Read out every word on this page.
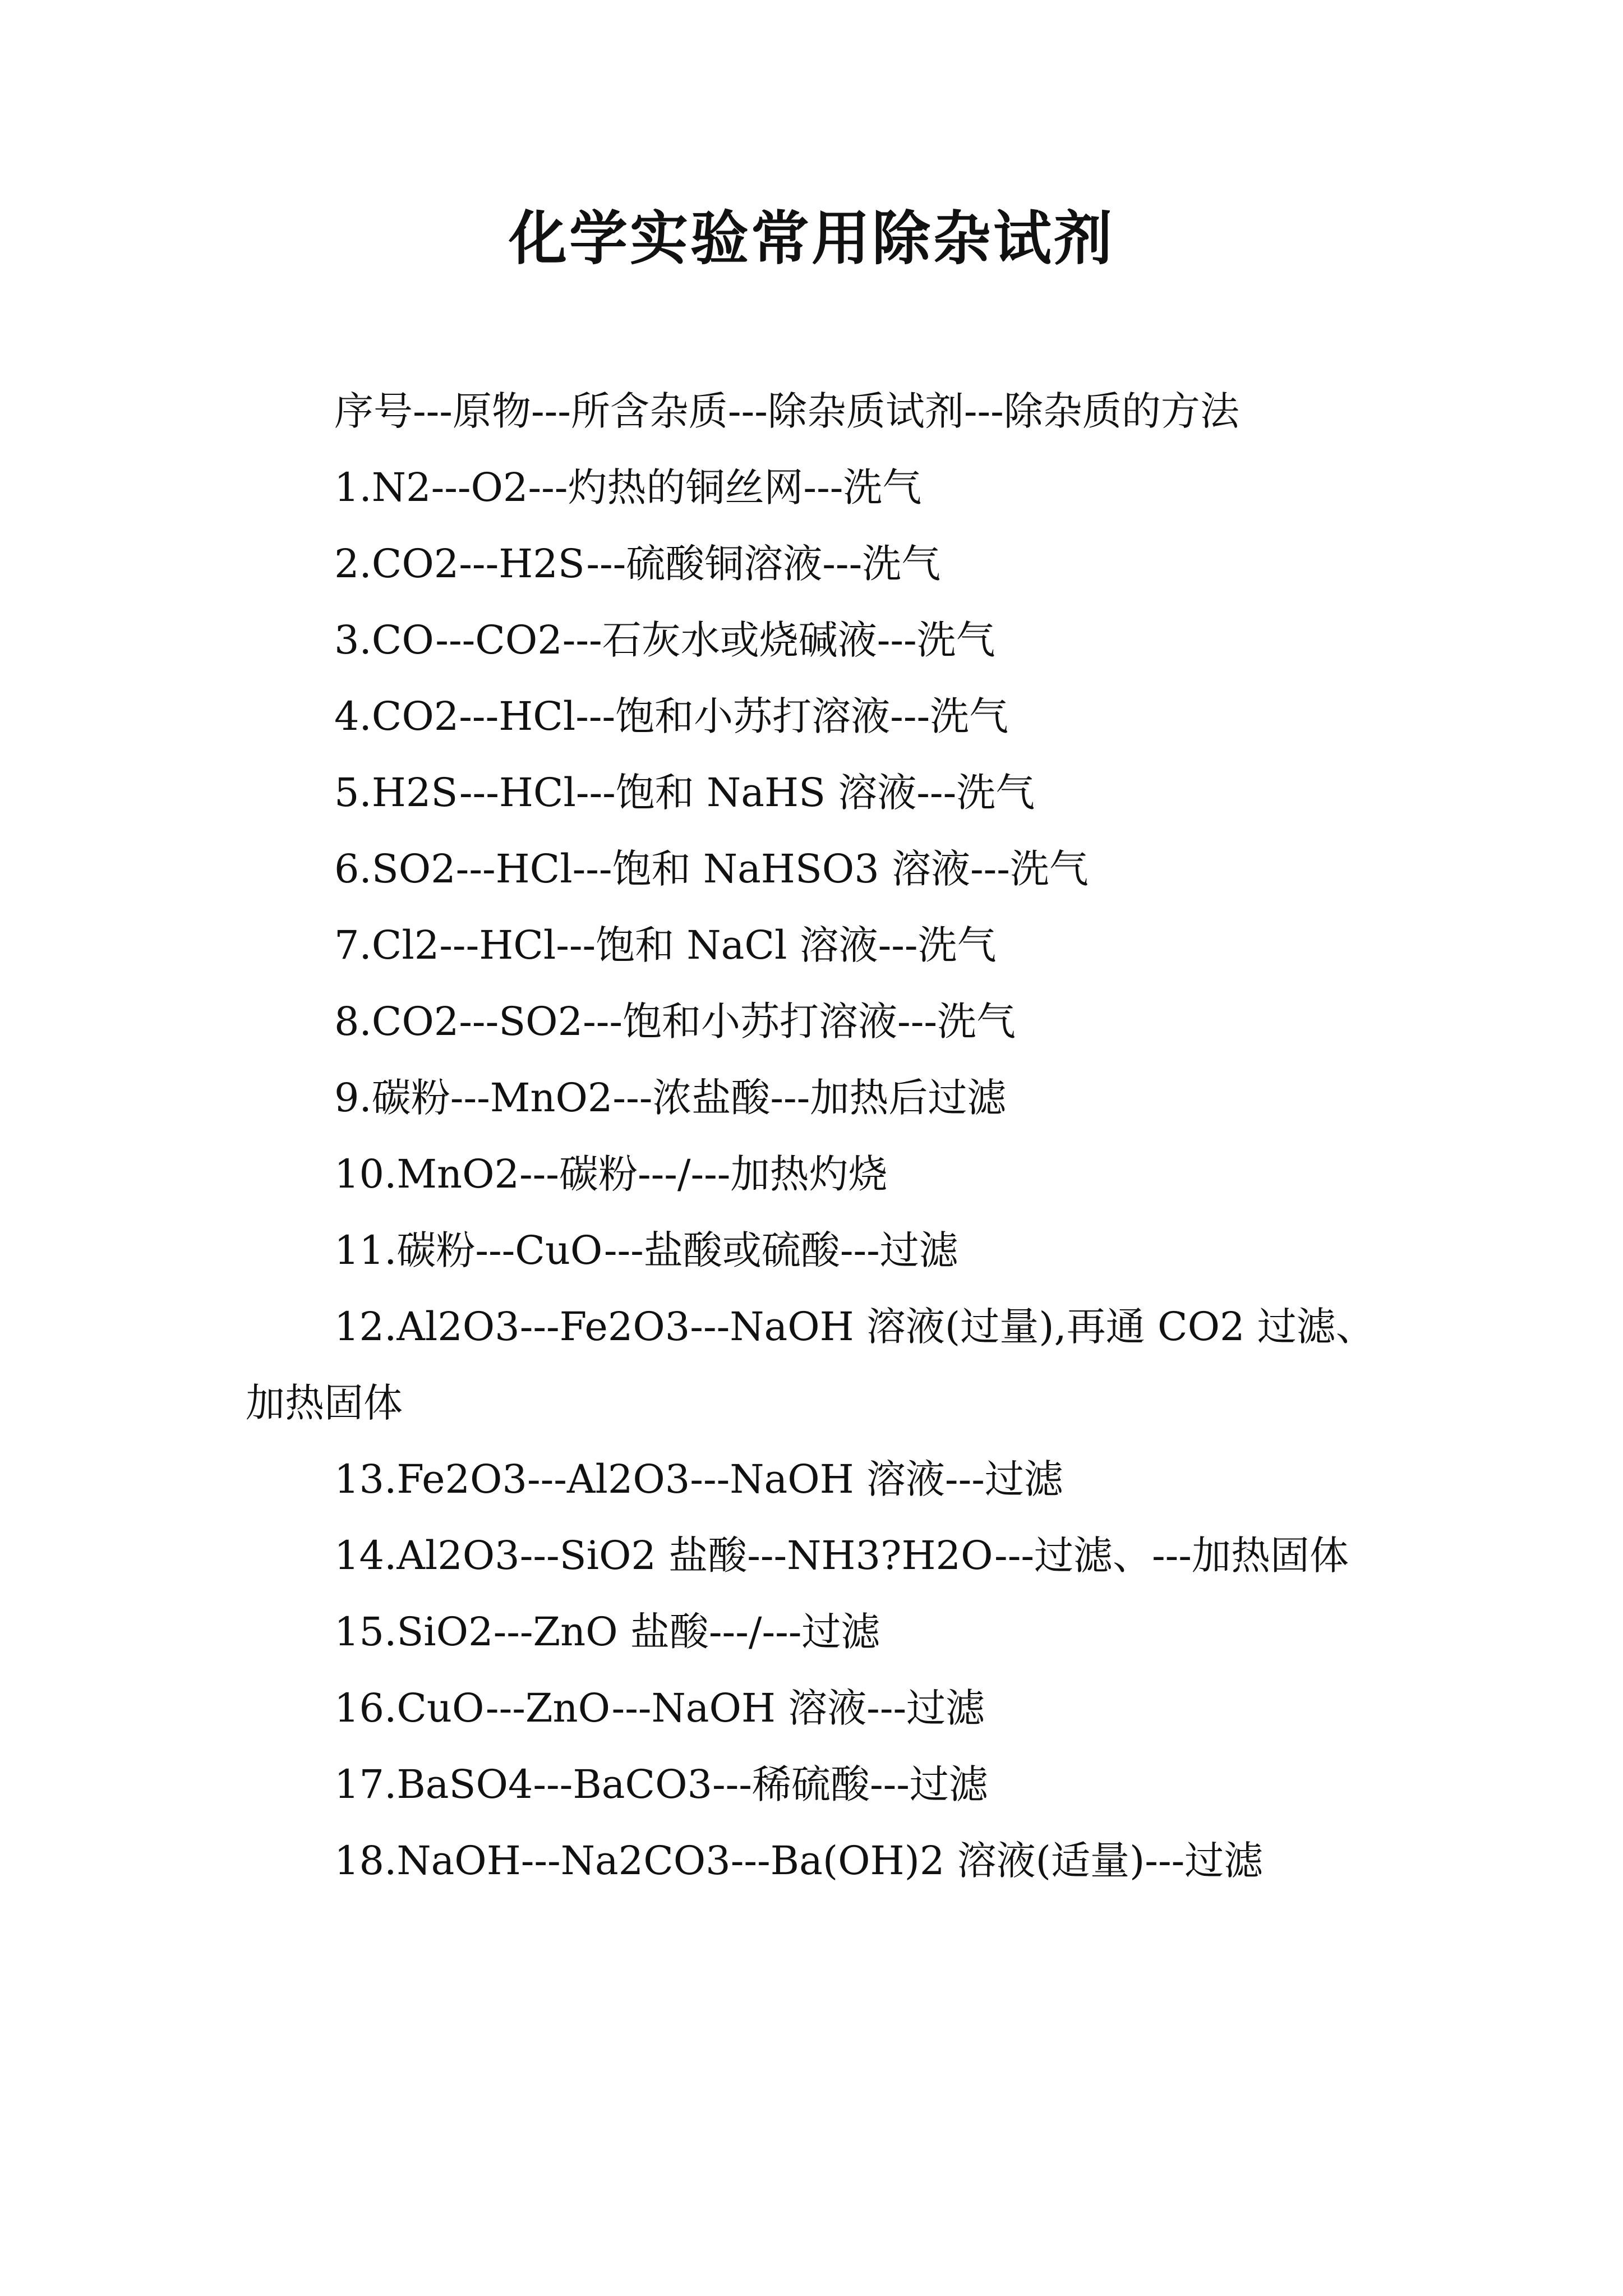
化学实验常用除杂试剂

序号---原物---所含杂质---除杂质试剂---除杂质的方法

1.N2---O2---灼热的铜丝网---洗气

2.CO2---H2S---硫酸铜溶液---洗气

3.CO---CO2---石灰水或烧碱液---洗气

4.CO2---HCl---饱和小苏打溶液---洗气

5.H2S---HCl---饱和 NaHS 溶液---洗气

6.SO2---HCl---饱和 NaHSO3 溶液---洗气

7.Cl2---HCl---饱和 NaCl 溶液---洗气

8.CO2---SO2---饱和小苏打溶液---洗气

9.碳粉---MnO2---浓盐酸---加热后过滤

10.MnO2---碳粉---/---加热灼烧

11.碳粉---CuO---盐酸或硫酸---过滤

12.Al2O3---Fe2O3---NaOH 溶液(过量),再通 CO2 过滤、加热固体

13.Fe2O3---Al2O3---NaOH 溶液---过滤

14.Al2O3---SiO2 盐酸---NH3?H2O---过滤、---加热固体

15.SiO2---ZnO 盐酸---/---过滤

16.CuO---ZnO---NaOH 溶液---过滤

17.BaSO4---BaCO3---稀硫酸---过滤

18.NaOH---Na2CO3---Ba(OH)2 溶液(适量)---过滤
